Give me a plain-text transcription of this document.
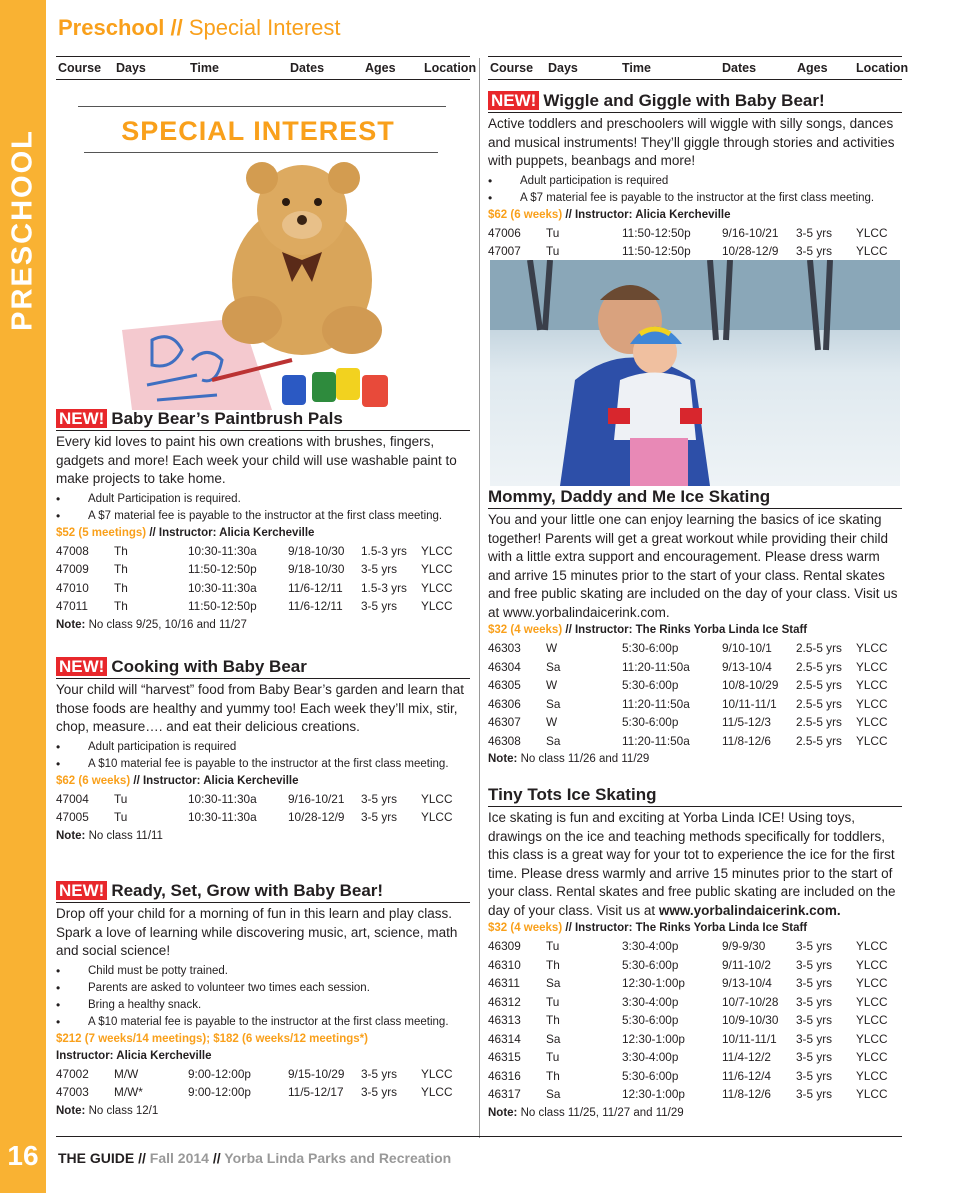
PRESCHOOL
16
Preschool // Special Interest
Course Days	Time	Dates	Ages Location
SPECIAL INTEREST
NEW! Baby Bear’s Paintbrush Pals
Every kid loves to paint his own creations with brushes, fingers, gadgets and more! Each week your child will use washable paint to make projects to take home.
• Adult Participation is required.
• A $7 material fee is payable to the instructor at the first class meeting.
$52 (5 meetings) // Instructor: Alicia Kercheville
47008	Th	10:30-11:30a	9/18-10/30	1.5-3 yrs	YLCC
47009	Th	11:50-12:50p	9/18-10/30	3-5 yrs	YLCC
47010	Th	10:30-11:30a	11/6-12/11	1.5-3 yrs	YLCC
47011	Th	11:50-12:50p	11/6-12/11	3-5 yrs	YLCC
Note: No class 9/25, 10/16 and 11/27
NEW! Cooking with Baby Bear
Your child will “harvest” food from Baby Bear’s garden and learn that those foods are healthy and yummy too! Each week they’ll mix, stir, chop, measure…. and eat their delicious creations.
• Adult participation is required
• A $10 material fee is payable to the instructor at the first class meeting.
$62 (6 weeks) // Instructor: Alicia Kercheville
47004	Tu	10:30-11:30a	9/16-10/21	3-5 yrs	YLCC
47005	Tu	10:30-11:30a	10/28-12/9	3-5 yrs	YLCC
Note: No class 11/11
NEW! Ready, Set, Grow with Baby Bear!
Drop off your child for a morning of fun in this learn and play class. Spark a love of learning while discovering music, art, science, math and social science!
• Child must be potty trained.
• Parents are asked to volunteer two times each session.
• Bring a healthy snack.
• A $10 material fee is payable to the instructor at the first class meeting.
$212 (7 weeks/14 meetings); $182 (6 weeks/12 meetings*)
Instructor: Alicia Kercheville
47002	M/W	9:00-12:00p	9/15-10/29	3-5 yrs	YLCC
47003	M/W*	9:00-12:00p	11/5-12/17	3-5 yrs	YLCC
Note: No class 12/1
Course Days	Time	Dates	Ages Location
NEW! Wiggle and Giggle with Baby Bear!
Active toddlers and preschoolers will wiggle with silly songs, dances and musical instruments! They’ll giggle through stories and activities with puppets, beanbags and more!
• Adult participation is required
• A $7 material fee is payable to the instructor at the first class meeting.
$62 (6 weeks) // Instructor: Alicia Kercheville
47006	Tu	11:50-12:50p	9/16-10/21	3-5 yrs	YLCC
47007	Tu	11:50-12:50p	10/28-12/9	3-5 yrs	YLCC
Mommy, Daddy and Me Ice Skating
You and your little one can enjoy learning the basics of ice skating together! Parents will get a great workout while providing their child with a little extra support and encouragement. Please dress warm and arrive 15 minutes prior to the start of your class. Rental skates and free public skating are included on the day of your class. Visit us at www.yorbalindaicerink.com.
$32 (4 weeks) // Instructor: The Rinks Yorba Linda Ice Staff
46303	W	5:30-6:00p	9/10-10/1	2.5-5 yrs	YLCC
46304	Sa	11:20-11:50a	9/13-10/4	2.5-5 yrs	YLCC
46305	W	5:30-6:00p	10/8-10/29	2.5-5 yrs	YLCC
46306	Sa	11:20-11:50a	10/11-11/1	2.5-5 yrs	YLCC
46307	W	5:30-6:00p	11/5-12/3	2.5-5 yrs	YLCC
46308	Sa	11:20-11:50a	11/8-12/6	2.5-5 yrs	YLCC
Note: No class 11/26 and 11/29
Tiny Tots Ice Skating
Ice skating is fun and exciting at Yorba Linda ICE! Using toys, drawings on the ice and teaching methods specifically for toddlers, this class is a great way for your tot to experience the ice for the first time. Please dress warmly and arrive 15 minutes prior to the start of your class. Rental skates and free public skating are included on the day of your class. Visit us at www.yorbalindaicerink.com.
$32 (4 weeks) // Instructor: The Rinks Yorba Linda Ice Staff
46309	Tu	3:30-4:00p	9/9-9/30	3-5 yrs	YLCC
46310	Th	5:30-6:00p	9/11-10/2	3-5 yrs	YLCC
46311	Sa	12:30-1:00p	9/13-10/4	3-5 yrs	YLCC
46312	Tu	3:30-4:00p	10/7-10/28	3-5 yrs	YLCC
46313	Th	5:30-6:00p	10/9-10/30	3-5 yrs	YLCC
46314	Sa	12:30-1:00p	10/11-11/1	3-5 yrs	YLCC
46315	Tu	3:30-4:00p	11/4-12/2	3-5 yrs	YLCC
46316	Th	5:30-6:00p	11/6-12/4	3-5 yrs	YLCC
46317	Sa	12:30-1:00p	11/8-12/6	3-5 yrs	YLCC
Note: No class 11/25, 11/27 and 11/29
THE GUIDE // Fall 2014 // Yorba Linda Parks and Recreation
